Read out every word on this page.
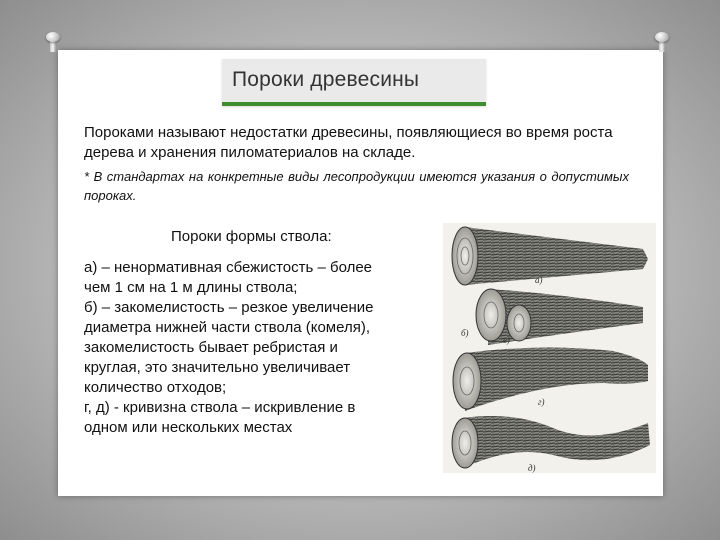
Пороки древесины
Пороками называют недостатки древесины, появляющиеся во время роста дерева и хранения пиломатериалов на складе.
* В стандартах на конкретные виды лесопродукции имеются указания о допустимых пороках.
Пороки формы ствола:
а) – ненормативная сбежистость – более
чем 1 см на 1 м длины ствола;
б) – закомелистость – резкое увеличение
диаметра нижней части ствола (комеля),
закомелистость бывает ребристая и
круглая, это значительно увеличивает
количество отходов;
г, д) - кривизна ствола – искривление в
одном или нескольких местах
а)
б)
в)
г)
д)
